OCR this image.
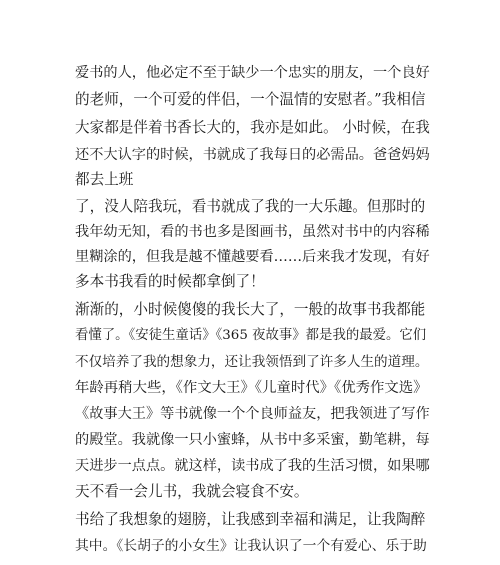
爱书的人，他必定不至于缺少一个忠实的朋友，一个良好

的老师，一个可爱的伴侣，一个温情的安慰者。”我相信

大家都是伴着书香长大的，我亦是如此。 小时候，在我

还不大认字的时候，书就成了我每日的必需品。爸爸妈妈

都去上班

了，没人陪我玩，看书就成了我的一大乐趣。但那时的

我年幼无知，看的书也多是图画书，虽然对书中的内容稀

里糊涂的，但我是越不懂越要看……后来我才发现，有好

多本书我看的时候都拿倒了！

渐渐的，小时候傻傻的我长大了，一般的故事书我都能

看懂了。《安徒生童话》《365 夜故事》都是我的最爱。它们

不仅培养了我的想象力，还让我领悟到了许多人生的道理。

年龄再稍大些，《作文大王》《儿童时代》《优秀作文选》

《故事大王》等书就像一个个良师益友，把我领进了写作

的殿堂。我就像一只小蜜蜂，从书中多采蜜，勤笔耕，每

天进步一点点。就这样，读书成了我的生活习惯，如果哪

天不看一会儿书，我就会寝食不安。

书给了我想象的翅膀，让我感到幸福和满足，让我陶醉

其中。《长胡子的小女生》让我认识了一个有爱心、乐于助
